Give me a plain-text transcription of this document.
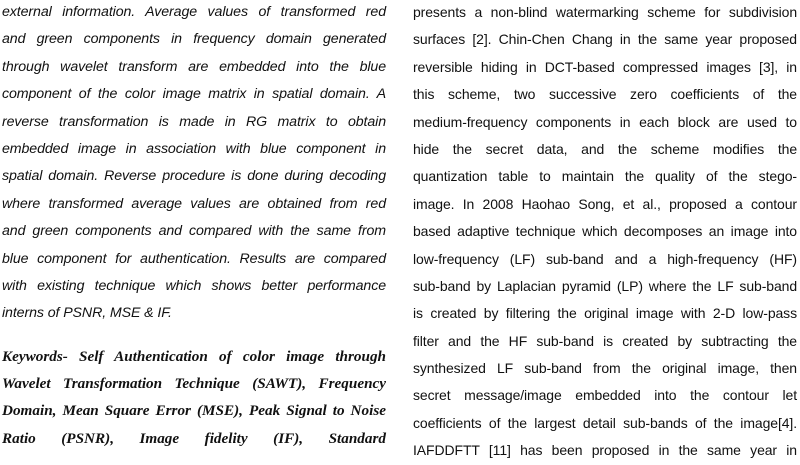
external information. Average values of transformed red
and green components in frequency domain generated
through wavelet transform are embedded into the blue
component of the color image matrix in spatial domain. A
reverse transformation is made in RG matrix to obtain
embedded image in association with blue component in
spatial domain. Reverse procedure is done during decoding
where transformed average values are obtained from red
and green components and compared with the same from
blue component for authentication. Results are compared
with existing technique which shows better performance
interns of PSNR, MSE & IF.
Keywords- Self Authentication of color image through
Wavelet Transformation Technique (SAWT), Frequency
Domain, Mean Square Error (MSE), Peak Signal to Noise
Ratio (PSNR), Image fidelity (IF), Standard
presents a non-blind watermarking scheme for subdivision
surfaces [2]. Chin-Chen Chang in the same year proposed
reversible hiding in DCT-based compressed images [3], in
this scheme, two successive zero coefficients of the
medium-frequency components in each block are used to
hide the secret data, and the scheme modifies the
quantization table to maintain the quality of the stego-
image. In 2008 Haohao Song, et al., proposed a contour
based adaptive technique which decomposes an image into
low-frequency (LF) sub-band and a high-frequency (HF)
sub-band by Laplacian pyramid (LP) where the LF sub-band
is created by filtering the original image with 2-D low-pass
filter and the HF sub-band is created by subtracting the
synthesized LF sub-band from the original image, then
secret message/image embedded into the contour let
coefficients of the largest detail sub-bands of the image[4].
IAFDDFTT [11] has been proposed in the same year in
